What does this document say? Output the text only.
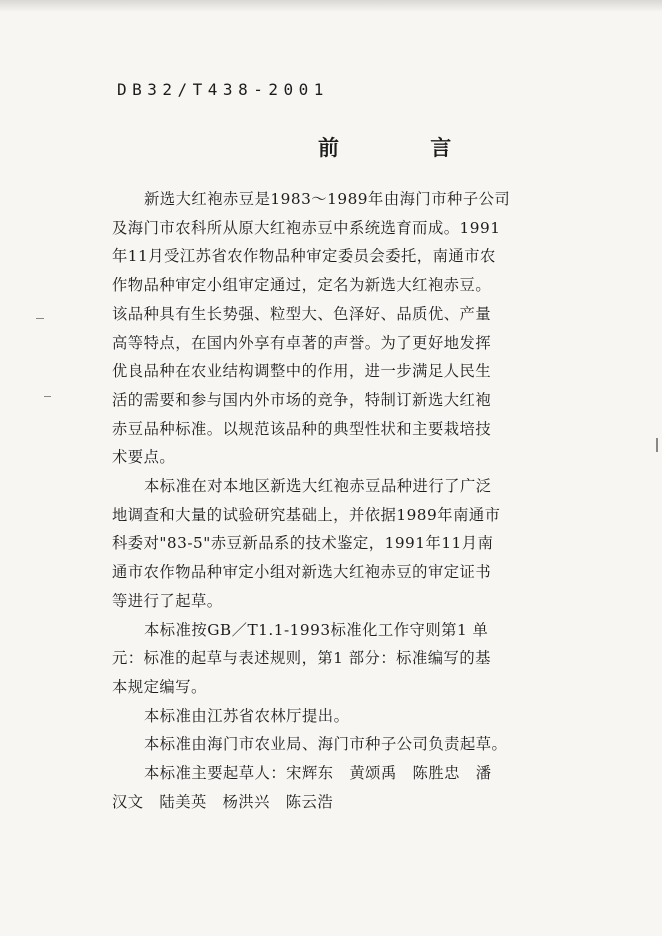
DB32/T438-2001
前 言

新选大红袍赤豆是1983～1989年由海门市种子公司
及海门市农科所从原大红袍赤豆中系统选育而成。1991
年11月受江苏省农作物品种审定委员会委托，南通市农
作物品种审定小组审定通过，定名为新选大红袍赤豆。
该品种具有生长势强、粒型大、色泽好、品质优、产量
高等特点，在国内外享有卓著的声誉。为了更好地发挥
优良品种在农业结构调整中的作用，进一步满足人民生
活的需要和参与国内外市场的竞争，特制订新选大红袍
赤豆品种标准。以规范该品种的典型性状和主要栽培技
术要点。

本标准在对本地区新选大红袍赤豆品种进行了广泛
地调查和大量的试验研究基础上，并依据1989年南通市
科委对"83-5"赤豆新品系的技术鉴定，1991年11月南
通市农作物品种审定小组对新选大红袍赤豆的审定证书
等进行了起草。

本标准按GB／T1.1-1993标准化工作守则第1 单
元：标准的起草与表述规则，第1 部分：标准编写的基
本规定编写。

本标准由江苏省农林厅提出。

本标准由海门市农业局、海门市种子公司负责起草。

本标准主要起草人：宋辉东　黄颂禹　陈胜忠　潘
汉文　陆美英　杨洪兴　陈云浩
